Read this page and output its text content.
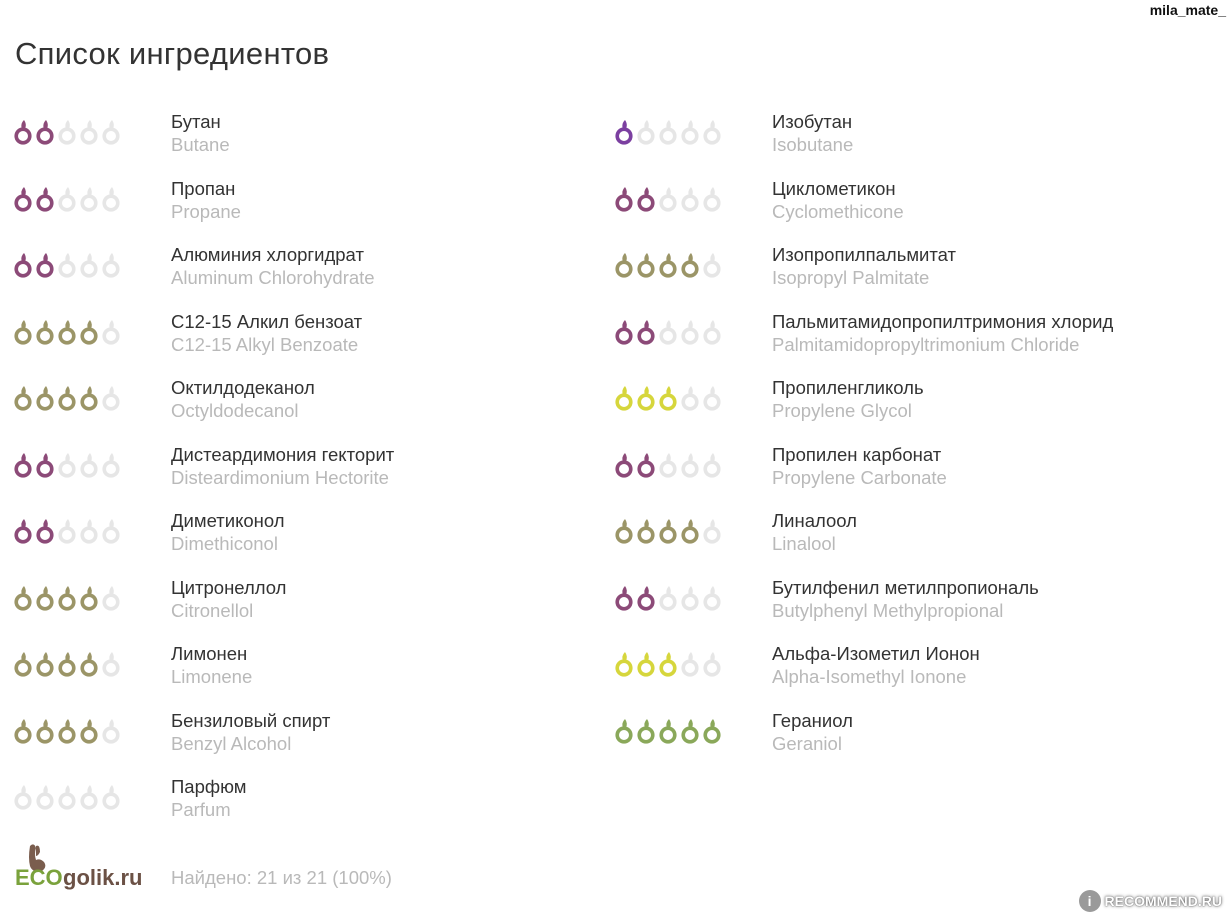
mila_mate_
Список ингредиентов
Бутан
Butane
Пропан
Propane
Алюминия хлоргидрат
Aluminum Chlorohydrate
C12-15 Алкил бензоат
C12-15 Alkyl Benzoate
Октилдодеканол
Octyldodecanol
Дистеардимония гекторит
Disteardimonium Hectorite
Диметиконол
Dimethiconol
Цитронеллол
Citronellol
Лимонен
Limonene
Бензиловый спирт
Benzyl Alcohol
Парфюм
Parfum
Изобутан
Isobutane
Циклометикон
Cyclomethicone
Изопропилпальмитат
Isopropyl Palmitate
Пальмитамидопропилтримония хлорид
Palmitamidopropyltrimonium Chloride
Пропиленгликоль
Propylene Glycol
Пропилен карбонат
Propylene Carbonate
Линалоол
Linalool
Бутилфенил метилпропиональ
Butylphenyl Methylpropional
Альфа-Изометил Ионон
Alpha-Isomethyl Ionone
Гераниол
Geraniol
ECO golik.ru Найдено: 21 из 21 (100%)
i RECOMMEND.RU
